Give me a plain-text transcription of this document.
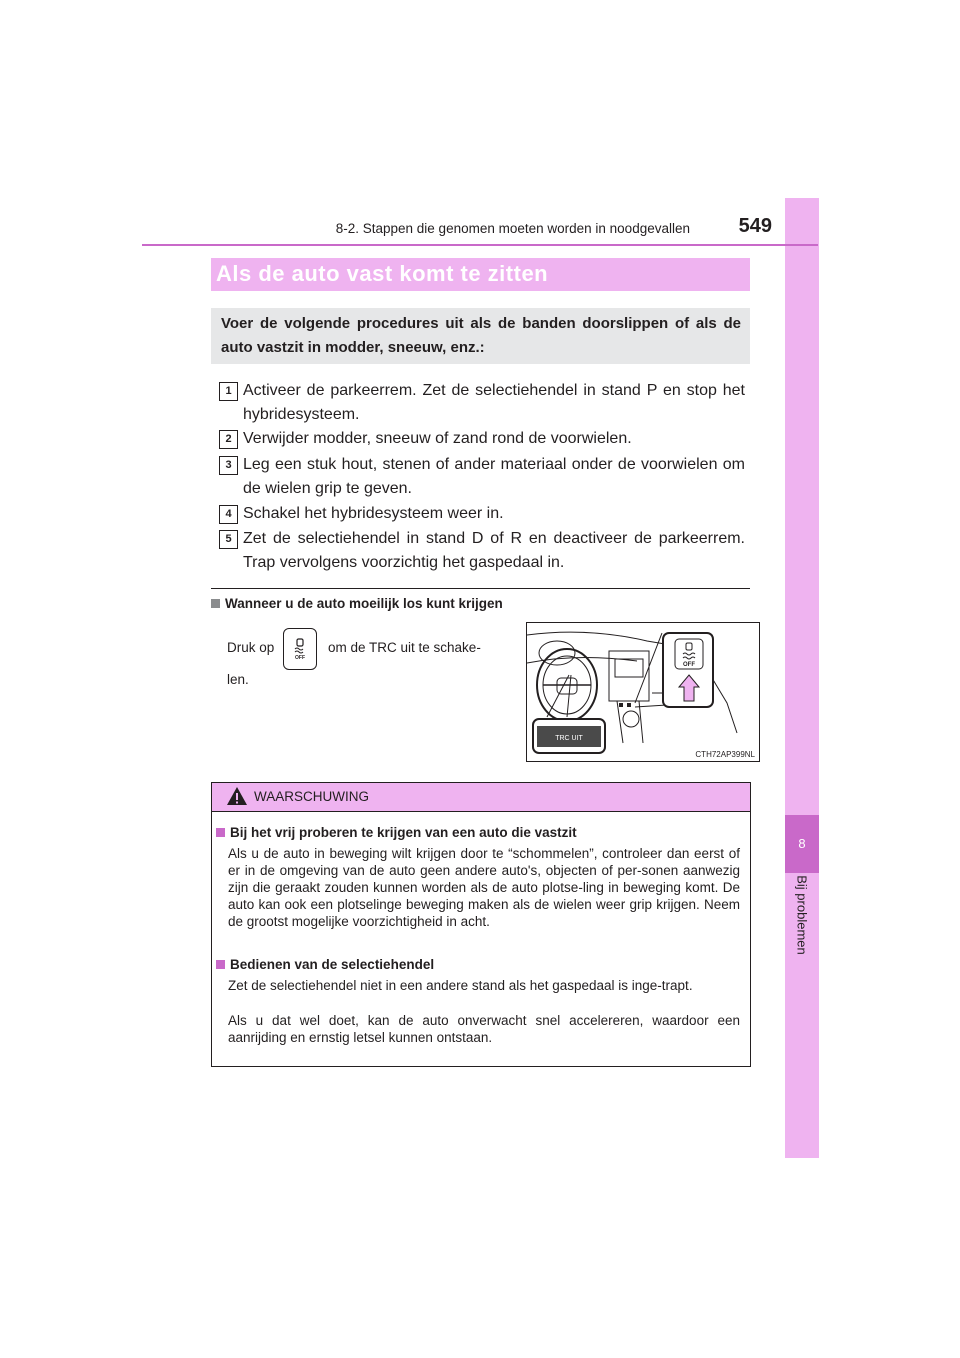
8
Bij problemen
8-2. Stappen die genomen moeten worden in noodgevallen	549
Als de auto vast komt te zitten
Voer de volgende procedures uit als de banden doorslippen of als de auto vastzit in modder, sneeuw, enz.:
1 Activeer de parkeerrem. Zet de selectiehendel in stand P en stop het hybridesysteem.
2 Verwijder modder, sneeuw of zand rond de voorwielen.
3 Leg een stuk hout, stenen of ander materiaal onder de voorwielen om de wielen grip te geven.
4 Schakel het hybridesysteem weer in.
5 Zet de selectiehendel in stand D of R en deactiveer de parkeerrem. Trap vervolgens voorzichtig het gaspedaal in.
Wanneer u de auto moeilijk los kunt krijgen
Druk op
OFF
om de TRC uit te schake-
len.
OFF
TRC UIT
CTH72AP399NL
WAARSCHUWING
Bij het vrij proberen te krijgen van een auto die vastzit
Als u de auto in beweging wilt krijgen door te “schommelen”, controleer dan eerst of er in de omgeving van de auto geen andere auto's, objecten of per-sonen aanwezig zijn die geraakt zouden kunnen worden als de auto plotse-ling in beweging komt. De auto kan ook een plotselinge beweging maken als de wielen weer grip krijgen. Neem de grootst mogelijke voorzichtigheid in acht.
Bedienen van de selectiehendel
Zet de selectiehendel niet in een andere stand als het gaspedaal is inge-trapt.
Als u dat wel doet, kan de auto onverwacht snel accelereren, waardoor een aanrijding en ernstig letsel kunnen ontstaan.
